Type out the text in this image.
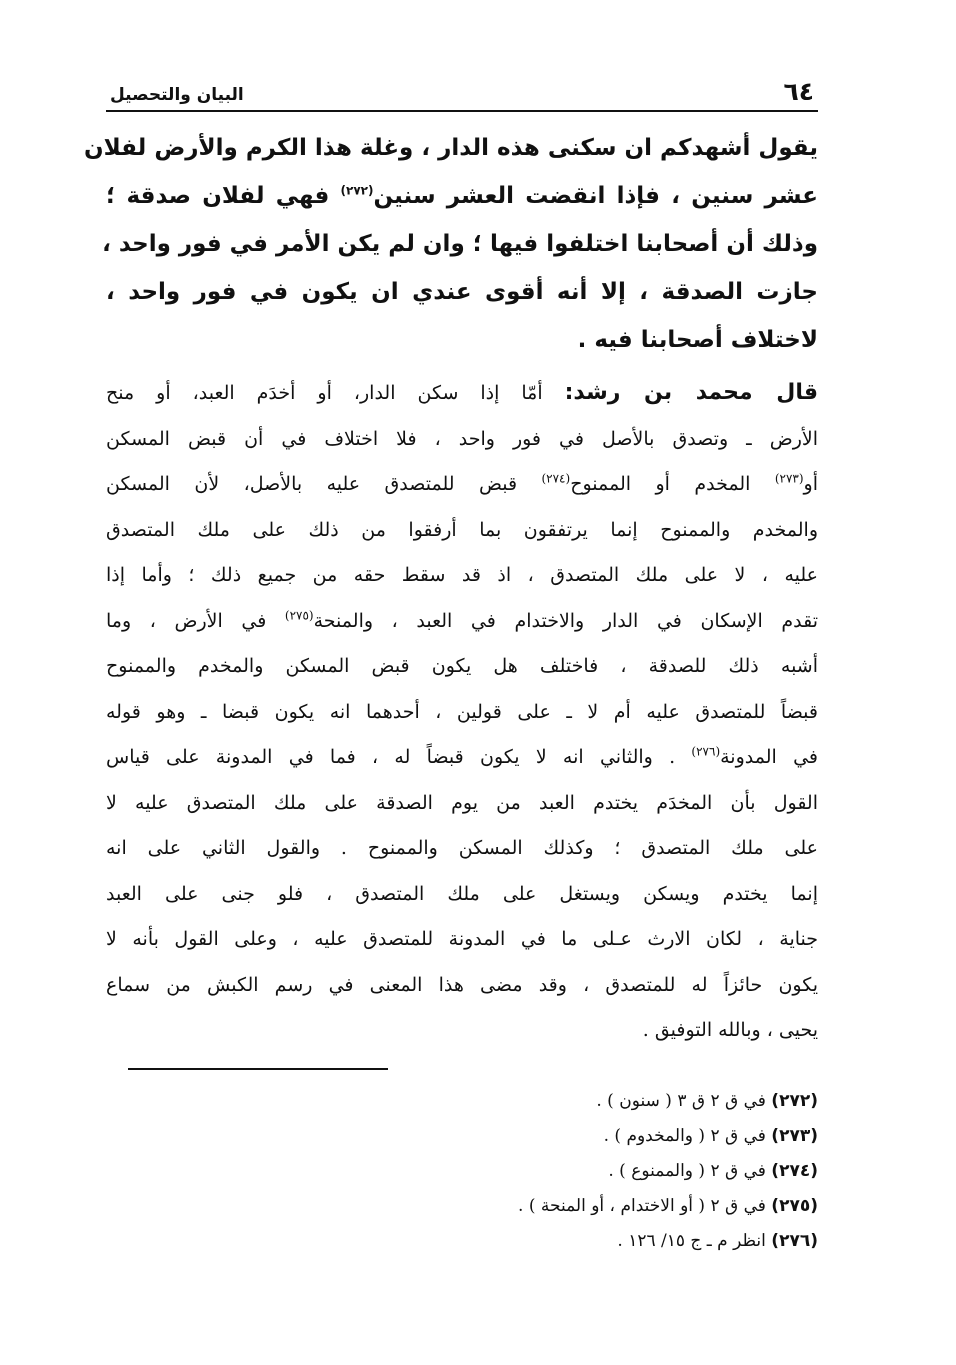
٦٤
البيان والتحصيل

يقول أشهدكم ان سكنى هذه الدار ، وغلة هذا الكرم والأرض لفلان
عشر سنين ، فإذا انقضت العشر سنين$^{(٢٧٢)}$ فهي لفلان صدقة ؛
وذلك أن أصحابنا اختلفوا فيها ؛ وان لم يكن الأمر في فور واحد ،
جازت الصدقة ، إلا أنه أقوى عندي ان يكون في فور واحد ،
لاختلاف أصحابنا فيه .

قال محمد بن رشد: أمّا إذا سكن الدار، أو أخدَم العبد، أو منح
الأرض ـ وتصدق بالأصل في فور واحد ، فلا اختلاف في أن قبض المسكن
أو$^{(٢٧٣)}$ المخدم أو الممنوح$^{(٢٧٤)}$ قبض للمتصدق عليه بالأصل، لأن المسكن
والمخدم والممنوح إنما يرتفقون بما أرفقوا من ذلك على ملك المتصدق
عليه ، لا على ملك المتصدق ، اذ قد سقط حقه من جميع ذلك ؛ وأما إذا
تقدم الإسكان في الدار والاختدام في العبد ، والمنحة$^{(٢٧٥)}$ في الأرض ، وما
أشبه ذلك للصدقة ، فاختلف هل يكون قبض المسكن والمخدم والممنوح
قبضاً للمتصدق عليه أم لا ـ على قولين ، أحدهما انه يكون قبضا ـ وهو قوله
في المدونة$^{(٢٧٦)}$ . والثاني انه لا يكون قبضاً له ، فما في المدونة على قياس
القول بأن المخدَم يختدم العبد من يوم الصدقة على ملك المتصدق عليه لا
على ملك المتصدق ؛ وكذلك المسكن والممنوح . والقول الثاني على انه
إنما يختدم ويسكن ويستغل على ملك المتصدق ، فلو جنى على العبد
جناية ، لكان الارث عـلى ما في المدونة للمتصدق عليه ، وعلى القول بأنه لا
يكون حائزاً له للمتصدق ، وقد مضى هذا المعنى في رسم الكبش من سماع
يحيى ، وبالله التوفيق .

(٢٧٢) في ق ٢ ق ٣ ( سنون ) .
(٢٧٣) في ق ٢ ( والمخدوم ) .
(٢٧٤) في ق ٢ ( والممنوع ) .
(٢٧٥) في ق ٢ ( أو الاختدام ، أو المنحة ) .
(٢٧٦) انظر م ـ ج ١٥/ ١٢٦ .
